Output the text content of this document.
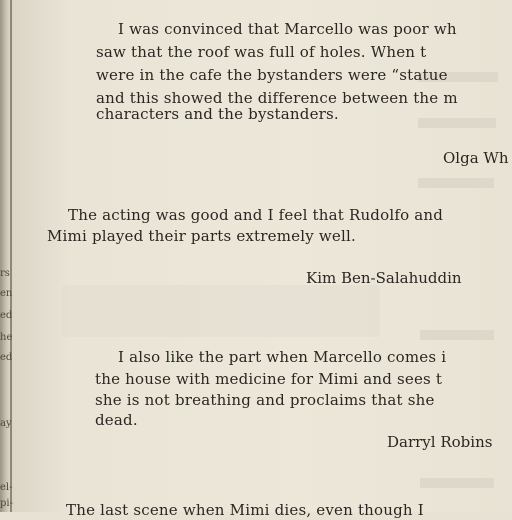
rs
en
ed
he
ed
ay
el-
pi-
I was convinced that Marcello was poor wh
saw that the roof was full of holes. When t
were in the cafe the bystanders were “statue
and this showed the difference between the m
characters and the bystanders.
Olga Wh
The acting was good and I feel that Rudolfo and
Mimi played their parts extremely well.
Kim Ben-Salahuddin
I also like the part when Marcello comes i
the house with medicine for Mimi and sees t
she is not breathing and proclaims that she
dead.
Darryl Robins
The last scene when Mimi dies, even though I
